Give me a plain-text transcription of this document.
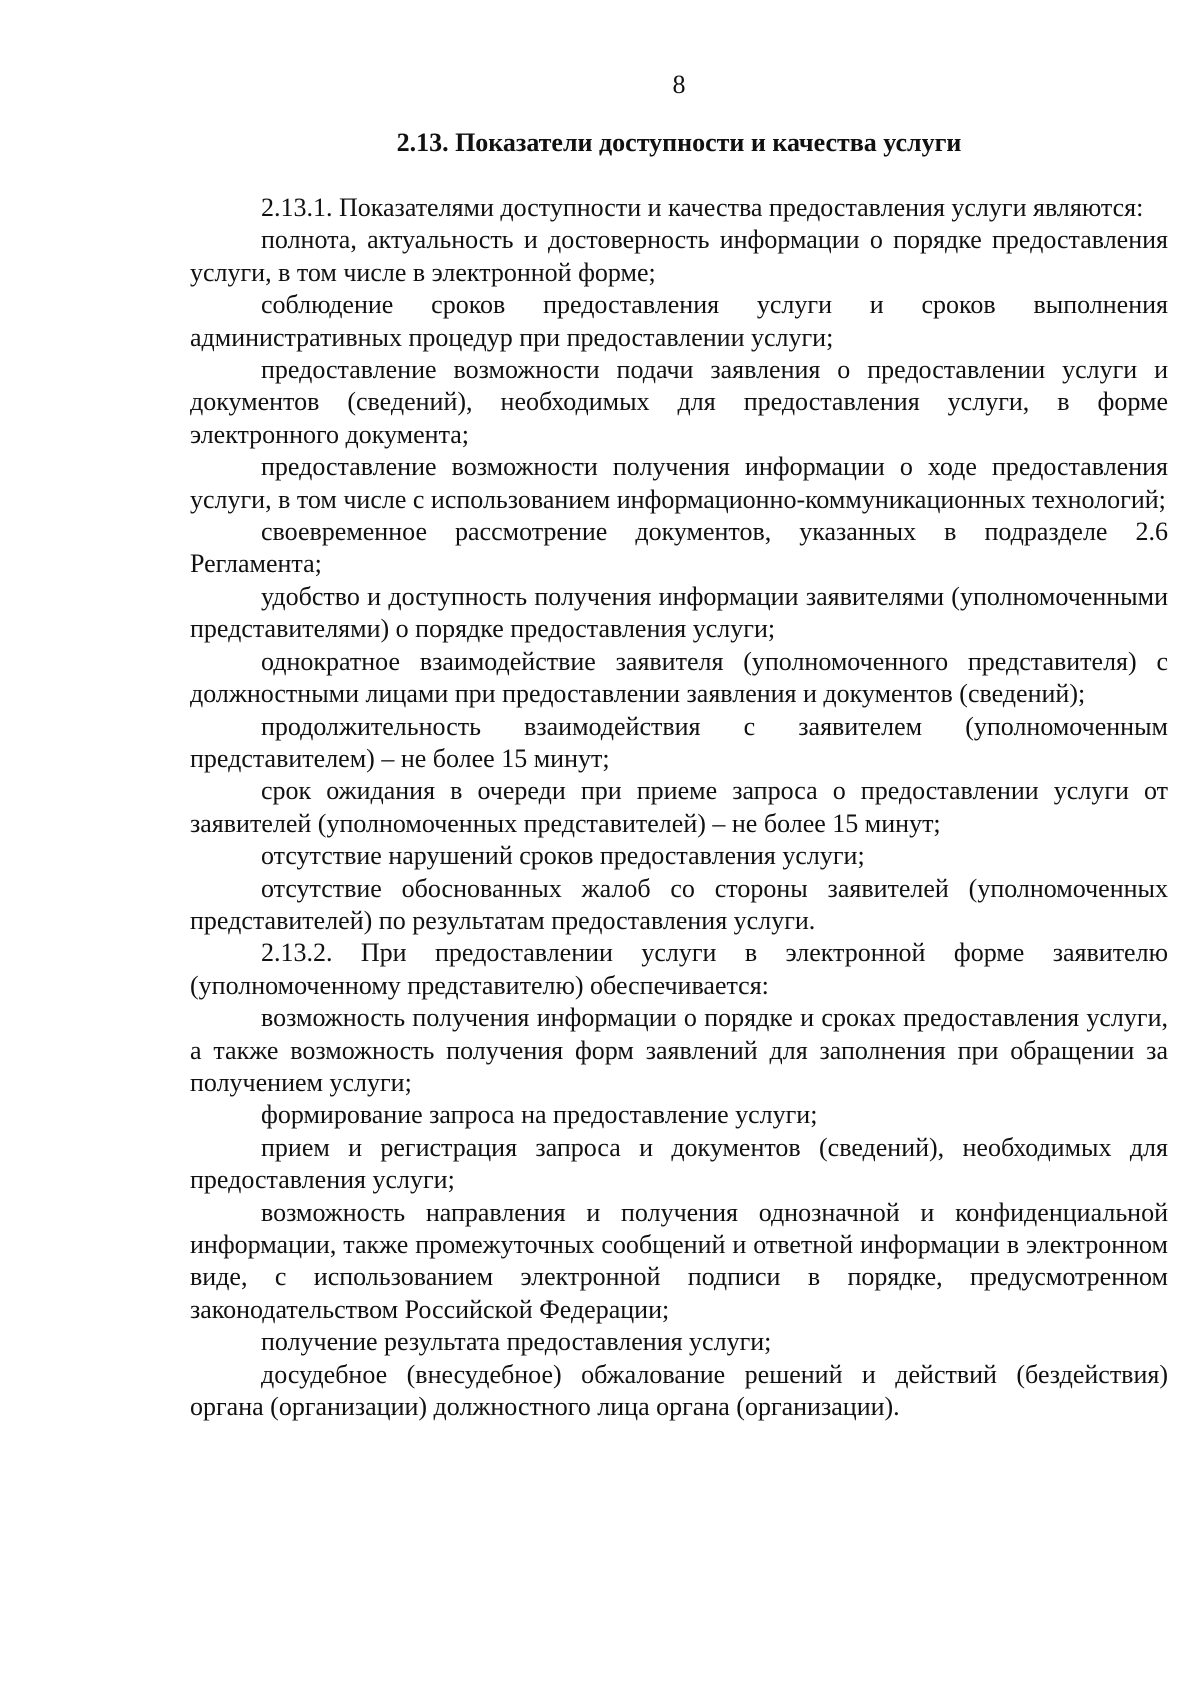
8
2.13. Показатели доступности и качества услуги

2.13.1. Показателями доступности и качества предоставления услуги являются:

полнота, актуальность и достоверность информации о порядке предоставления услуги, в том числе в электронной форме;

соблюдение сроков предоставления услуги и сроков выполнения административных процедур при предоставлении услуги;

предоставление возможности подачи заявления о предоставлении услуги и документов (сведений), необходимых для предоставления услуги, в форме электронного документа;

предоставление возможности получения информации о ходе предоставления услуги, в том числе с использованием информационно-коммуникационных технологий;

своевременное рассмотрение документов, указанных в подразделе 2.6 Регламента;

удобство и доступность получения информации заявителями (уполномоченными представителями) о порядке предоставления услуги;

однократное взаимодействие заявителя (уполномоченного представителя) с должностными лицами при предоставлении заявления и документов (сведений);

продолжительность взаимодействия с заявителем (уполномоченным представителем) – не более 15 минут;

срок ожидания в очереди при приеме запроса о предоставлении услуги от заявителей (уполномоченных представителей) – не более 15 минут;

отсутствие нарушений сроков предоставления услуги;

отсутствие обоснованных жалоб со стороны заявителей (уполномоченных представителей) по результатам предоставления услуги.

2.13.2. При предоставлении услуги в электронной форме заявителю (уполномоченному представителю) обеспечивается:

возможность получения информации о порядке и сроках предоставления услуги, а также возможность получения форм заявлений для заполнения при обращении за получением услуги;

формирование запроса на предоставление услуги;

прием и регистрация запроса и документов (сведений), необходимых для предоставления услуги;

возможность направления и получения однозначной и конфиденциальной информации, также промежуточных сообщений и ответной информации в электронном виде, с использованием электронной подписи в порядке, предусмотренном законодательством Российской Федерации;

получение результата предоставления услуги;

досудебное (внесудебное) обжалование решений и действий (бездействия) органа (организации) должностного лица органа (организации).
